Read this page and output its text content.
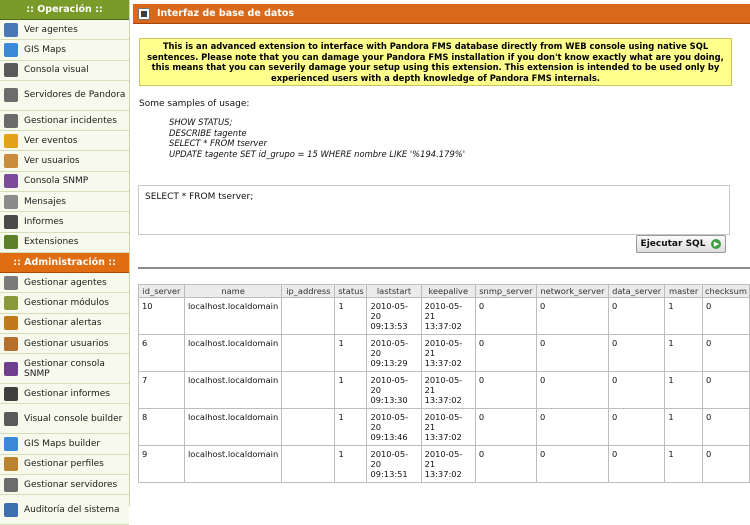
:: Operación ::
Ver agentes
GIS Maps
Consola visual
Servidores de Pandora
Gestionar incidentes
Ver eventos
Ver usuarios
Consola SNMP
Mensajes
Informes
Extensiones
:: Administración ::
Gestionar agentes
Gestionar módulos
Gestionar alertas
Gestionar usuarios
Gestionar consola SNMP
Gestionar informes
Visual console builder
GIS Maps builder
Gestionar perfiles
Gestionar servidores
Auditoría del sistema
Interfaz de base de datos
This is an advanced extension to interface with Pandora FMS database directly from WEB console using native SQL sentences. Please note that you can damage your Pandora FMS installation if you don't know exactly what are you doing, this means that you can severily damage your setup using this extension. This extension is intended to be used only by experienced users with a depth knowledge of Pandora FMS internals.
Some samples of usage:
SHOW STATUS;
DESCRIBE tagente
SELECT * FROM tserver
UPDATE tagente SET id_grupo = 15 WHERE nombre LIKE '%194.179%'
SELECT * FROM tserver;
Ejecutar SQL	▶
id_server	name	ip_address	status	laststart	keepalive	snmp_server	network_server	data_server	master	checksum
10	localhost.localdomain		1	2010-05-20 09:13:53	2010-05-21 13:37:02	0	0	0	1	0
6	localhost.localdomain		1	2010-05-20 09:13:29	2010-05-21 13:37:02	0	0	0	1	0
7	localhost.localdomain		1	2010-05-20 09:13:30	2010-05-21 13:37:02	0	0	0	1	0
8	localhost.localdomain		1	2010-05-20 09:13:46	2010-05-21 13:37:02	0	0	0	1	0
9	localhost.localdomain		1	2010-05-20 09:13:51	2010-05-21 13:37:02	0	0	0	1	0
